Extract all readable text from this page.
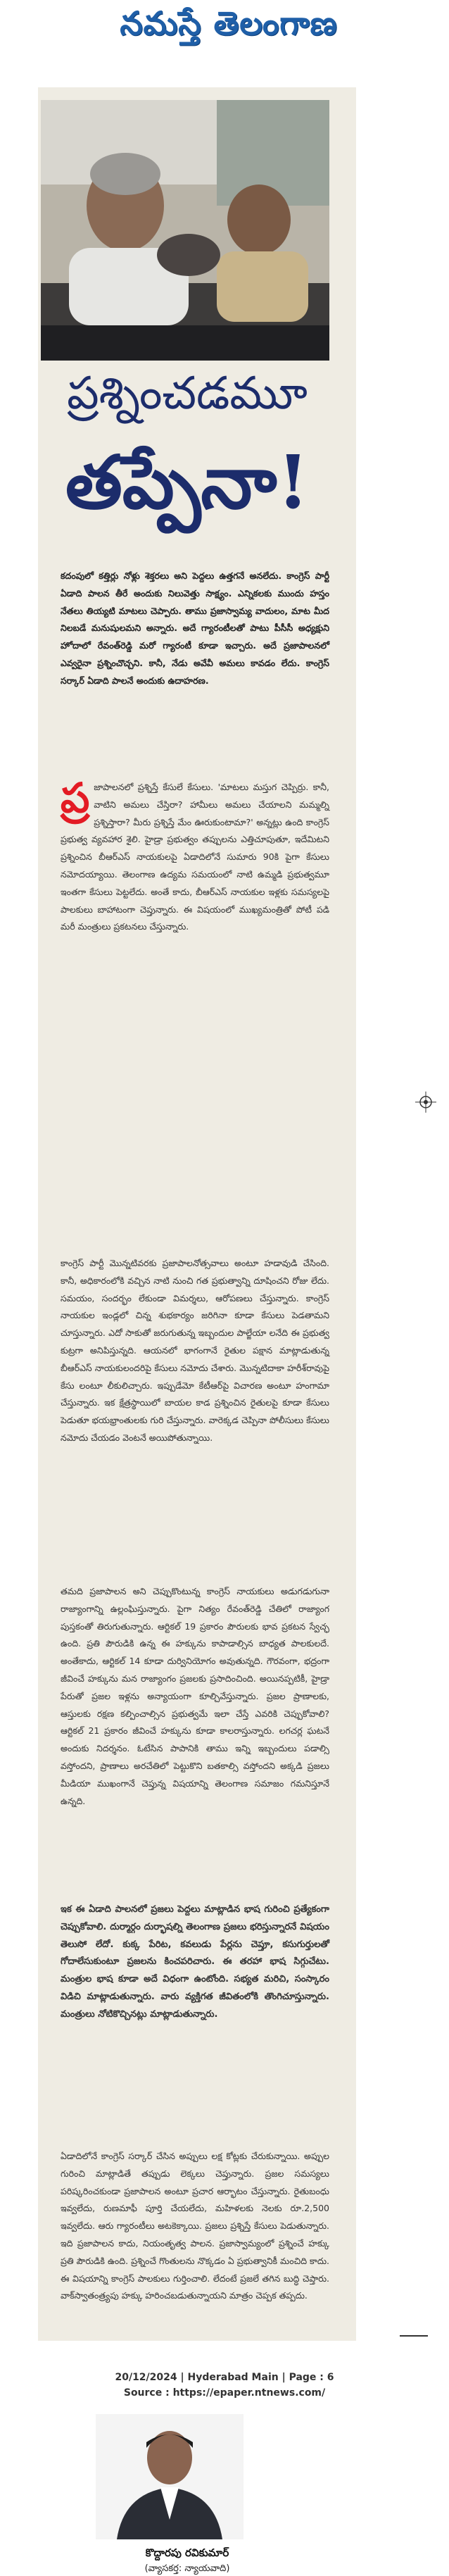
నమస్తే తెలంగాణ
ప్రశ్నించడమూ
తప్పేనా!

కదంపులో కత్తిర్లు నోళ్లు శెక్తరలు అని పెద్దలు ఉత్తగనే అనలేదు. కాంగ్రెస్ పార్టీ ఏడాది పాలన తీరే అందుకు నిలువెత్తు సాక్ష్యం. ఎన్నికలకు ముందు హస్తం నేతలు తియ్యటి మాటలు చెప్పారు. తాము ప్రజాస్వామ్య వాదులం, మాట మీద నిలబడే మనుషులమని అన్నారు. అదే గ్యారంటీలతో పాటు పీసీసీ అధ్యక్షుని హోదాలో రేవంత్‌రెడ్డి మరో గ్యారంటీ కూడా ఇచ్చారు. అదే ప్రజాపాలనలో ఎవ్వరైనా ప్రశ్నించొచ్చని. కానీ, నేడు అవేవీ అమలు కావడం లేదు. కాంగ్రెస్ సర్కార్ ఏడాది పాలనే అందుకు ఉదాహరణ.

ప్ర జాపాలనలో ప్రశ్నిస్తే కేసులే కేసులు. 'మాటలు మస్తుగ చెప్పిర్రు. కానీ, వాటిని అమలు చేస్తిరా? హామీలు అమలు చేయాలని మమ్మల్ని ప్రశ్నిస్తారా? మీరు ప్రశ్నిస్తే మేం ఊరుకుంటామా?' అన్నట్లు ఉంది కాంగ్రెస్ ప్రభుత్వ వ్యవహార శైలి. హైడ్రా ప్రభుత్వం తప్పులను ఎత్తిచూపుతూ, ఇదేమిటని ప్రశ్నించిన బీఆర్‌ఎస్ నాయకులపై ఏడాదిలోనే సుమారు 90కి పైగా కేసులు నమోదయ్యాయి. తెలంగాణ ఉద్యమ సమయంలో నాటి ఉమ్మడి ప్రభుత్వమూ ఇంతగా కేసులు పెట్టలేదు. అంతే కాదు, బీఆర్‌ఎస్ నాయకుల ఇళ్లకు సమస్యలపై పాలకులు బాహాటంగా చెప్తున్నారు. ఈ విషయంలో ముఖ్యమంత్రితో పోటీ పడి మరీ మంత్రులు ప్రకటనలు చేస్తున్నారు.

కాంగ్రెస్ పార్టీ మొన్నటివరకు ప్రజాపాలనోత్సవాలు అంటూ హడావుడి చేసింది. కానీ, అధికారంలోకి వచ్చిన నాటి నుంచి గత ప్రభుత్వాన్ని దూషించని రోజు లేదు. సమయం, సందర్భం లేకుండా విమర్శలు, ఆరోపణలు చేస్తున్నారు. కాంగ్రెస్ నాయకుల ఇండ్లలో చిన్న శుభకార్యం జరిగినా కూడా కేసులు పెడతామని చూస్తున్నారు. ఎదో సాకుతో జరుగుతున్న ఇబ్బందుల పాల్జేయా లనేది ఈ ప్రభుత్వ కుట్రగా అనిపిస్తున్నది. ఆయనలో భాగంగానే రైతుల పక్షాన మాట్లాడుతున్న బీఆర్‌ఎస్ నాయకులందరిపై కేసులు నమోదు చేశారు. మొన్నటిదాకా హరీశ్‌రావుపై కేసు లంటూ లీకులిచ్చారు. ఇప్పుడేమో కేటీఆర్‌పై విచారణ అంటూ హంగామా చేస్తున్నారు. ఇక క్షేత్రస్థాయిలో బాయల కాడ ప్రశ్నించిన రైతులపై కూడా కేసులు పెడుతూ భయభ్రాంతులకు గురి చేస్తున్నారు. వారెక్కడ చెప్పినా పోలీసులు కేసులు నమోదు చేయడం వెంటనే అయిపోతున్నాయి.

తమది ప్రజాపాలన అని చెప్పుకొంటున్న కాంగ్రెస్ నాయకులు అడుగడుగునా రాజ్యాంగాన్ని ఉల్లంఘిస్తున్నారు. పైగా నిత్యం రేవంత్‌రెడ్డి చేతిలో రాజ్యాంగ పుస్తకంతో తిరుగుతున్నారు. ఆర్టికల్ 19 ప్రకారం పౌరులకు భావ ప్రకటన స్వేచ్ఛ ఉంది. ప్రతి పౌరుడికి ఉన్న ఈ హక్కును కాపాడాల్సిన బాధ్యత పాలకులదే. అంతేకాదు, ఆర్టికల్ 14 కూడా దుర్వినియోగం అవుతున్నది. గౌరవంగా, భద్రంగా జీవించే హక్కును మన రాజ్యాంగం ప్రజలకు ప్రసాదించింది. అయినప్పటికీ, హైడ్రా పేరుతో ప్రజల ఇళ్లను అన్యాయంగా కూల్చివేస్తున్నారు. ప్రజల ప్రాణాలకు, ఆస్తులకు రక్షణ కల్పించాల్సిన ప్రభుత్వమే ఇలా చేస్తే ఎవరికి చెప్పుకోవాలి? ఆర్టికల్ 21 ప్రకారం జీవించే హక్కును కూడా కాలరాస్తున్నారు. లగచర్ల ఘటనే అందుకు నిదర్శనం. ఓటేసిన పాపానికి తాము ఇన్ని ఇబ్బందులు పడాల్సి వస్తోందని, ప్రాణాలు అరచేతిలో పెట్టుకొని బతకాల్సి వస్తోందని అక్కడి ప్రజలు మీడియా ముఖంగానే చెప్తున్న విషయాన్ని తెలంగాణ సమాజం గమనిస్తూనే ఉన్నది.

ఇక ఈ ఏడాది పాలనలో ప్రజలు పెద్దలు మాట్లాడిన భాష గురించి ప్రత్యేకంగా చెప్పుకోవాలి. దుర్మార్గం దుర్భాషల్ని తెలంగాణ ప్రజలు భరిస్తున్నారనే విషయం తెలుసో లేదో. కుక్క పేరిట, కవలుడు పేర్లను చెప్తూ, కసుగుర్తులతో గోదాలేసుకుంటూ ప్రజలను కించపరిచారు. ఈ తరహా భాష సిగ్గుచేటు. మంత్రుల భాష కూడా అదే విధంగా ఉంటోంది. సభ్యత మరిచి, సంస్కారం విడిచి మాట్లాడుతున్నారు. వారు వ్యక్తిగత జీవితంలోకి తొంగిచూస్తున్నారు. మంత్రులు నోటికొచ్చినట్లు మాట్లాడుతున్నారు.

ఏడాదిలోనే కాంగ్రెస్ సర్కార్ చేసిన అప్పులు లక్ష కోట్లకు చేరుకున్నాయి. అప్పుల గురించి మాట్లాడితే తప్పుడు లెక్కలు చెప్తున్నారు. ప్రజల సమస్యలు పరిష్కరించకుండా ప్రజాపాలన అంటూ ప్రచార ఆర్భాటం చేస్తున్నారు. రైతుబంధు ఇవ్వలేదు, రుణమాఫీ పూర్తి చేయలేదు, మహిళలకు నెలకు రూ.2,500 ఇవ్వలేదు. ఆరు గ్యారంటీలు అటకెక్కాయి. ప్రజలు ప్రశ్నిస్తే కేసులు పెడుతున్నారు. ఇది ప్రజాపాలన కాదు, నియంతృత్వ పాలన. ప్రజాస్వామ్యంలో ప్రశ్నించే హక్కు ప్రతి పౌరుడికి ఉంది. ప్రశ్నించే గొంతులను నొక్కడం ఏ ప్రభుత్వానికీ మంచిది కాదు. ఈ విషయాన్ని కాంగ్రెస్ పాలకులు గుర్తించాలి. లేదంటే ప్రజలే తగిన బుద్ధి చెప్తారు. వాక్‌స్వాతంత్ర్యపు హక్కు హరించబడుతున్నాయని మాత్రం చెప్పక తప్పదు.

కొద్దారపు రవికుమార్
(వ్యాసకర్త: న్యాయవాది)
20/12/2024 | Hyderabad Main | Page : 6
Source : https://epaper.ntnews.com/
